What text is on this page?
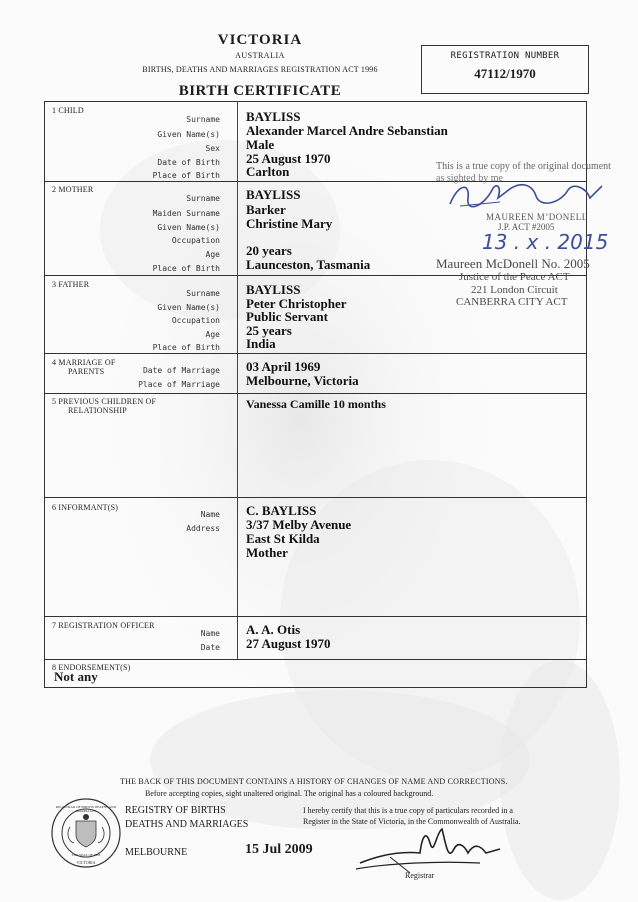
VICTORIA
AUSTRALIA
BIRTHS, DEATHS AND MARRIAGES REGISTRATION ACT 1996
BIRTH CERTIFICATE
REGISTRATION NUMBER
47112/1970
1 CHILD
Surname BAYLISS
Given Name(s) Alexander Marcel Andre Sebanstian
Sex Male
Date of Birth 25 August 1970
Place of Birth Carlton
2 MOTHER
Surname BAYLISS
Maiden Surname Barker
Given Name(s) Christine Mary
Occupation
Age 20 years
Place of Birth Launceston, Tasmania
3 FATHER
Surname BAYLISS
Given Name(s) Peter Christopher
Occupation Public Servant
Age 25 years
Place of Birth India
4 MARRIAGE OF
PARENTS	Date of Marriage 03 April 1969
Place of Marriage Melbourne, Victoria
5 PREVIOUS CHILDREN OF
RELATIONSHIP	Vanessa Camille 10 months
6 INFORMANT(S)
Name C. BAYLISS
Address 3/37 Melby Avenue
East St Kilda
Mother
7 REGISTRATION OFFICER
Name A. A. Otis
Date 27 August 1970
8 ENDORSEMENT(S)
Not any
This is a true copy of the original document
as sighted by me
MAUREEN M’DONELL
J.P. ACT #2005
13 . x . 2015
Maureen McDonell No. 2005
Justice of the Peace ACT
221 London Circuit
CANBERRA CITY ACT
THE BACK OF THIS DOCUMENT CONTAINS A HISTORY OF CHANGES OF NAME AND CORRECTIONS.
Before accepting copies, sight unaltered original. The original has a coloured background.
REGISTRAR OF BIRTHS DEATHS AND MARRIAGES
THE SEAL OF THE
VICTORIA
REGISTRY OF BIRTHS
DEATHS AND MARRIAGES
MELBOURNE	15 Jul 2009
I hereby certify that this is a true copy of particulars recorded in a
Register in the State of Victoria, in the Commonwealth of Australia.
Registrar
